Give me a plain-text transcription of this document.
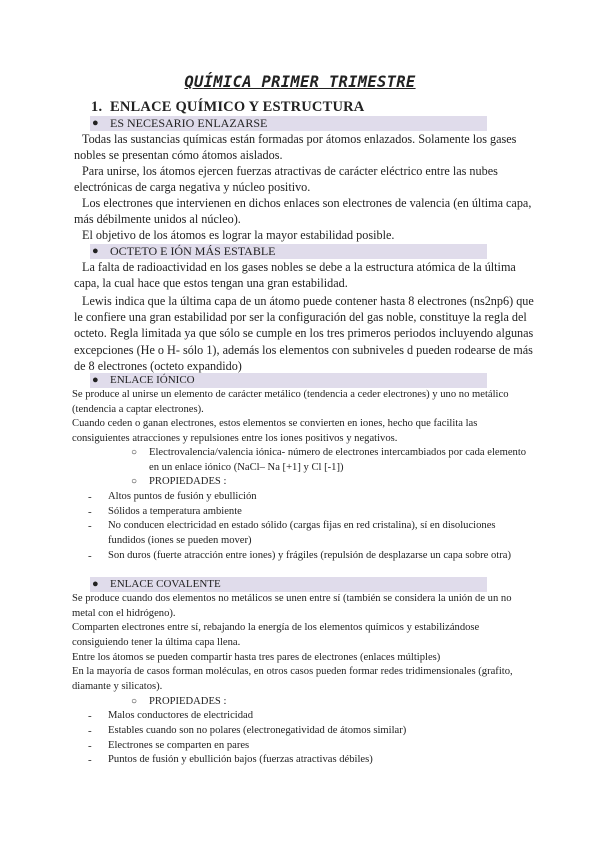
QUÍMICA PRIMER TRIMESTRE
1. ENLACE QUÍMICO Y ESTRUCTURA
● ES NECESARIO ENLAZARSE

Todas las sustancias químicas están formadas por átomos enlazados. Solamente los gases nobles se presentan cómo átomos aislados.

Para unirse, los átomos ejercen fuerzas atractivas de carácter eléctrico entre las nubes electrónicas de carga negativa y núcleo positivo.

Los electrones que intervienen en dichos enlaces son electrones de valencia (en última capa, más débilmente unidos al núcleo).

El objetivo de los átomos es lograr la mayor estabilidad posible.

● OCTETO E IÓN MÁS ESTABLE

La falta de radioactividad en los gases nobles se debe a la estructura atómica de la última capa, la cual hace que estos tengan una gran estabilidad.

Lewis indica que la última capa de un átomo puede contener hasta 8 electrones (ns2np6) que le confiere una gran estabilidad por ser la configuración del gas noble, constituye la regla del octeto. Regla limitada ya que sólo se cumple en los tres primeros periodos incluyendo algunas excepciones (He o H- sólo 1), además los elementos con subniveles d pueden rodearse de más de 8 electrones (octeto expandido)

● ENLACE IÓNICO

Se produce al unirse un elemento de carácter metálico (tendencia a ceder electrones) y uno no metálico (tendencia a captar electrones).

Cuando ceden o ganan electrones, estos elementos se convierten en iones, hecho que facilita las consiguientes atracciones y repulsiones entre los iones positivos y negativos.

○ Electrovalencia/valencia iónica- número de electrones intercambiados por cada elemento en un enlace iónico (NaCl– Na [+1] y Cl [-1])

○ PROPIEDADES :

- Altos puntos de fusión y ebullición

- Sólidos a temperatura ambiente

- No conducen electricidad en estado sólido (cargas fijas en red cristalina), sí en disoluciones fundidos (iones se pueden mover)

- Son duros (fuerte atracción entre iones) y frágiles (repulsión de desplazarse un capa sobre otra)

● ENLACE COVALENTE

Se produce cuando dos elementos no metálicos se unen entre sí (también se considera la unión de un no metal con el hidrógeno).

Comparten electrones entre sí, rebajando la energía de los elementos químicos y estabilizándose consiguiendo tener la última capa llena.

Entre los átomos se pueden compartir hasta tres pares de electrones (enlaces múltiples)

En la mayoría de casos forman moléculas, en otros casos pueden formar redes tridimensionales (grafito, diamante y silicatos).

○ PROPIEDADES :

- Malos conductores de electricidad

- Estables cuando son no polares (electronegatividad de átomos similar)

- Electrones se comparten en pares

- Puntos de fusión y ebullición bajos (fuerzas atractivas débiles)
